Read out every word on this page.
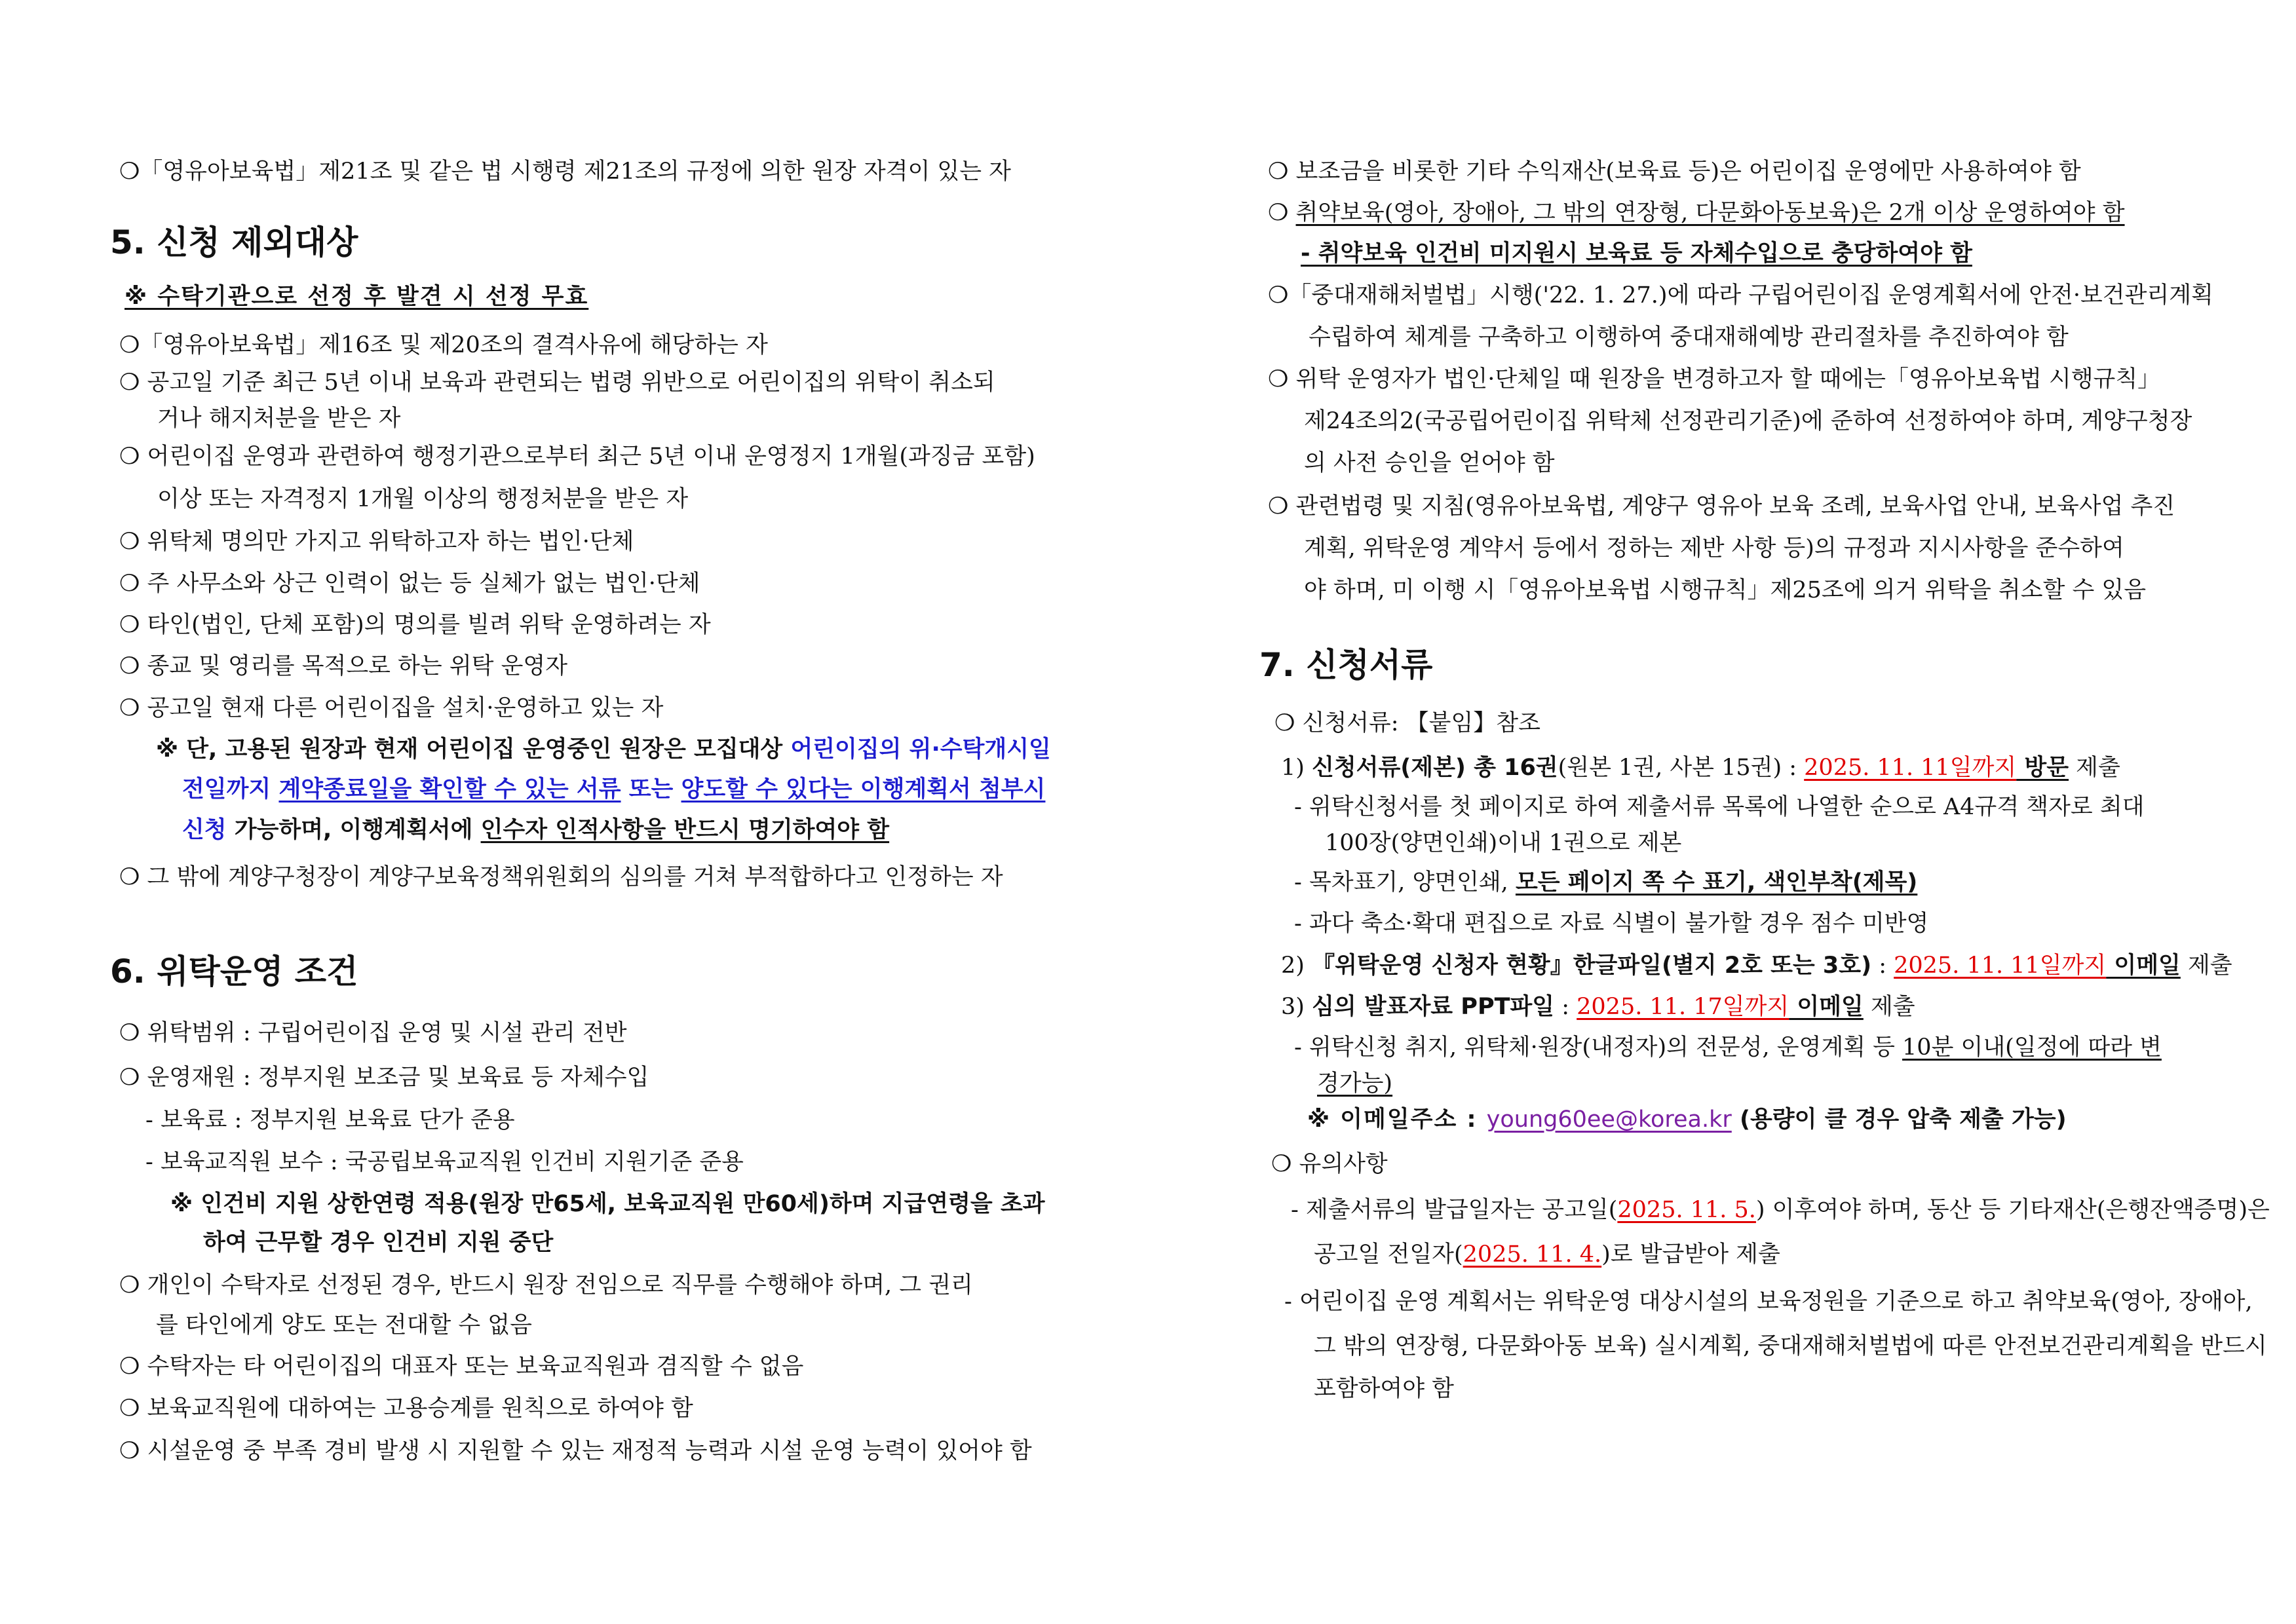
❍「영유아보육법」제21조 및 같은 법 시행령 제21조의 규정에 의한 원장 자격이 있는 자
5. 신청 제외대상
※ 수탁기관으로 선정 후 발견 시 선정 무효
❍「영유아보육법」제16조 및 제20조의 결격사유에 해당하는 자
❍ 공고일 기준 최근 5년 이내 보육과 관련되는 법령 위반으로 어린이집의 위탁이 취소되
거나 해지처분을 받은 자
❍ 어린이집 운영과 관련하여 행정기관으로부터 최근 5년 이내 운영정지 1개월(과징금 포함)
이상 또는 자격정지 1개월 이상의 행정처분을 받은 자
❍ 위탁체 명의만 가지고 위탁하고자 하는 법인·단체
❍ 주 사무소와 상근 인력이 없는 등 실체가 없는 법인·단체
❍ 타인(법인, 단체 포함)의 명의를 빌려 위탁 운영하려는 자
❍ 종교 및 영리를 목적으로 하는 위탁 운영자
❍ 공고일 현재 다른 어린이집을 설치·운영하고 있는 자
※ 단, 고용된 원장과 현재 어린이집 운영중인 원장은 모집대상 어린이집의 위·수탁개시일
전일까지 계약종료일을 확인할 수 있는 서류 또는 양도할 수 있다는 이행계획서 첨부시
신청 가능하며, 이행계획서에 인수자 인적사항을 반드시 명기하여야 함
❍ 그 밖에 계양구청장이 계양구보육정책위원회의 심의를 거쳐 부적합하다고 인정하는 자
6. 위탁운영 조건
❍ 위탁범위 : 구립어린이집 운영 및 시설 관리 전반
❍ 운영재원 : 정부지원 보조금 및 보육료 등 자체수입
- 보육료 : 정부지원 보육료 단가 준용
- 보육교직원 보수 : 국공립보육교직원 인건비 지원기준 준용
※ 인건비 지원 상한연령 적용(원장 만65세, 보육교직원 만60세)하며 지급연령을 초과
하여 근무할 경우 인건비 지원 중단
❍ 개인이 수탁자로 선정된 경우, 반드시 원장 전임으로 직무를 수행해야 하며, 그 권리
를 타인에게 양도 또는 전대할 수 없음
❍ 수탁자는 타 어린이집의 대표자 또는 보육교직원과 겸직할 수 없음
❍ 보육교직원에 대하여는 고용승계를 원칙으로 하여야 함
❍ 시설운영 중 부족 경비 발생 시 지원할 수 있는 재정적 능력과 시설 운영 능력이 있어야 함
❍ 보조금을 비롯한 기타 수익재산(보육료 등)은 어린이집 운영에만 사용하여야 함
❍ 취약보육(영아, 장애아, 그 밖의 연장형, 다문화아동보육)은 2개 이상 운영하여야 함
- 취약보육 인건비 미지원시 보육료 등 자체수입으로 충당하여야 함
❍「중대재해처벌법」시행('22. 1. 27.)에 따라 구립어린이집 운영계획서에 안전·보건관리계획
수립하여 체계를 구축하고 이행하여 중대재해예방 관리절차를 추진하여야 함
❍ 위탁 운영자가 법인·단체일 때 원장을 변경하고자 할 때에는「영유아보육법 시행규칙」
제24조의2(국공립어린이집 위탁체 선정관리기준)에 준하여 선정하여야 하며, 계양구청장
의 사전 승인을 얻어야 함
❍ 관련법령 및 지침(영유아보육법, 계양구 영유아 보육 조례, 보육사업 안내, 보육사업 추진
계획, 위탁운영 계약서 등에서 정하는 제반 사항 등)의 규정과 지시사항을 준수하여
야 하며, 미 이행 시「영유아보육법 시행규칙」제25조에 의거 위탁을 취소할 수 있음
7. 신청서류
❍ 신청서류: 【붙임】참조
1) 신청서류(제본) 총 16권(원본 1권, 사본 15권) : 2025. 11. 11일까지 방문 제출
- 위탁신청서를 첫 페이지로 하여 제출서류 목록에 나열한 순으로 A4규격 책자로 최대
100장(양면인쇄)이내 1권으로 제본
- 목차표기, 양면인쇄, 모든 페이지 쪽 수 표기, 색인부착(제목)
- 과다 축소·확대 편집으로 자료 식별이 불가할 경우 점수 미반영
2) 『위탁운영 신청자 현황』한글파일(별지 2호 또는 3호) : 2025. 11. 11일까지 이메일 제출
3) 심의 발표자료 PPT파일 : 2025. 11. 17일까지 이메일 제출
- 위탁신청 취지, 위탁체·원장(내정자)의 전문성, 운영계획 등 10분 이내(일정에 따라 변
경가능)
※ 이메일주소 : young60ee@korea.kr (용량이 클 경우 압축 제출 가능)
❍ 유의사항
- 제출서류의 발급일자는 공고일(2025. 11. 5.) 이후여야 하며, 동산 등 기타재산(은행잔액증명)은
공고일 전일자(2025. 11. 4.)로 발급받아 제출
- 어린이집 운영 계획서는 위탁운영 대상시설의 보육정원을 기준으로 하고 취약보육(영아, 장애아,
그 밖의 연장형, 다문화아동 보육) 실시계획, 중대재해처벌법에 따른 안전보건관리계획을 반드시
포함하여야 함
